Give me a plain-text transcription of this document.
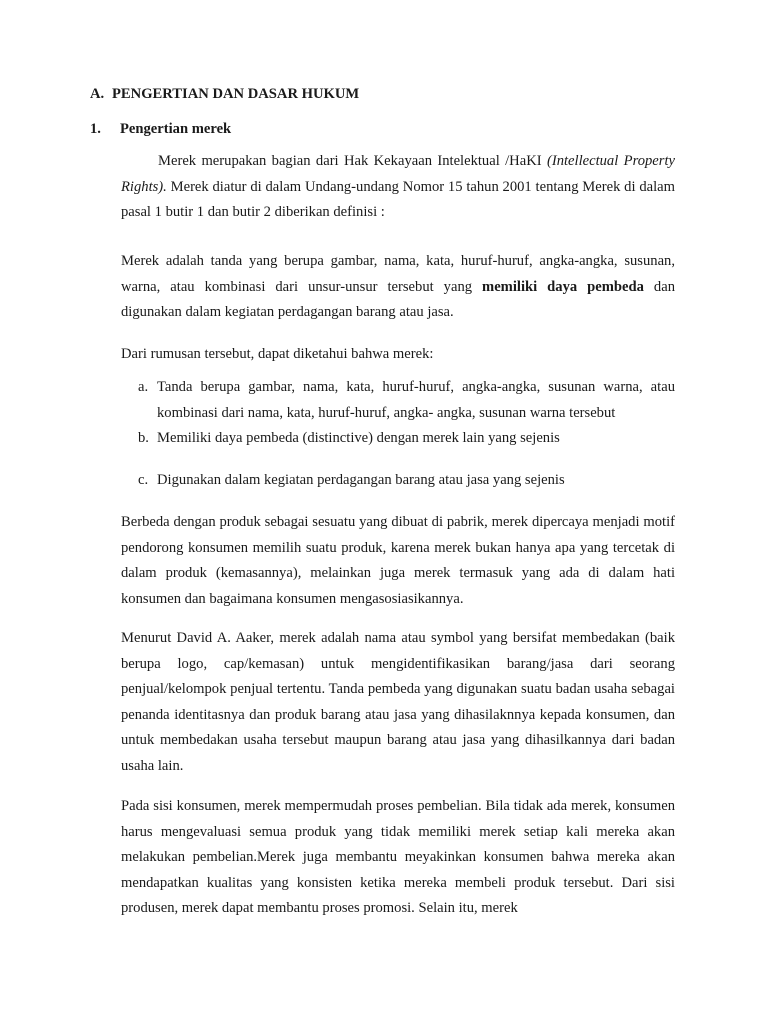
A. PENGERTIAN DAN DASAR HUKUM
1. Pengertian merek

Merek merupakan bagian dari Hak Kekayaan Intelektual /HaKI (Intellectual Property Rights). Merek diatur di dalam Undang-undang Nomor 15 tahun 2001 tentang Merek di dalam pasal 1 butir 1 dan butir 2 diberikan definisi :

Merek adalah tanda yang berupa gambar, nama, kata, huruf-huruf, angka-angka, susunan, warna, atau kombinasi dari unsur-unsur tersebut yang memiliki daya pembeda dan digunakan dalam kegiatan perdagangan barang atau jasa.

Dari rumusan tersebut, dapat diketahui bahwa merek:

a. Tanda berupa gambar, nama, kata, huruf-huruf, angka-angka, susunan warna, atau kombinasi dari nama, kata, huruf-huruf, angka- angka, susunan warna tersebut
b. Memiliki daya pembeda (distinctive) dengan merek lain yang sejenis
c. Digunakan dalam kegiatan perdagangan barang atau jasa yang sejenis

Berbeda dengan produk sebagai sesuatu yang dibuat di pabrik, merek dipercaya menjadi motif pendorong konsumen memilih suatu produk, karena merek bukan hanya apa yang tercetak di dalam produk (kemasannya), melainkan juga merek termasuk yang ada di dalam hati konsumen dan bagaimana konsumen mengasosiasikannya.

Menurut David A. Aaker, merek adalah nama atau symbol yang bersifat membedakan (baik berupa logo, cap/kemasan) untuk mengidentifikasikan barang/jasa dari seorang penjual/kelompok penjual tertentu. Tanda pembeda yang digunakan suatu badan usaha sebagai penanda identitasnya dan produk barang atau jasa yang dihasilaknnya kepada konsumen, dan untuk membedakan usaha tersebut maupun barang atau jasa yang dihasilkannya dari badan usaha lain.

Pada sisi konsumen, merek mempermudah proses pembelian. Bila tidak ada merek, konsumen harus mengevaluasi semua produk yang tidak memiliki merek setiap kali mereka akan melakukan pembelian.Merek juga membantu meyakinkan konsumen bahwa mereka akan mendapatkan kualitas yang konsisten ketika mereka membeli produk tersebut. Dari sisi produsen, merek dapat membantu proses promosi. Selain itu, merek
